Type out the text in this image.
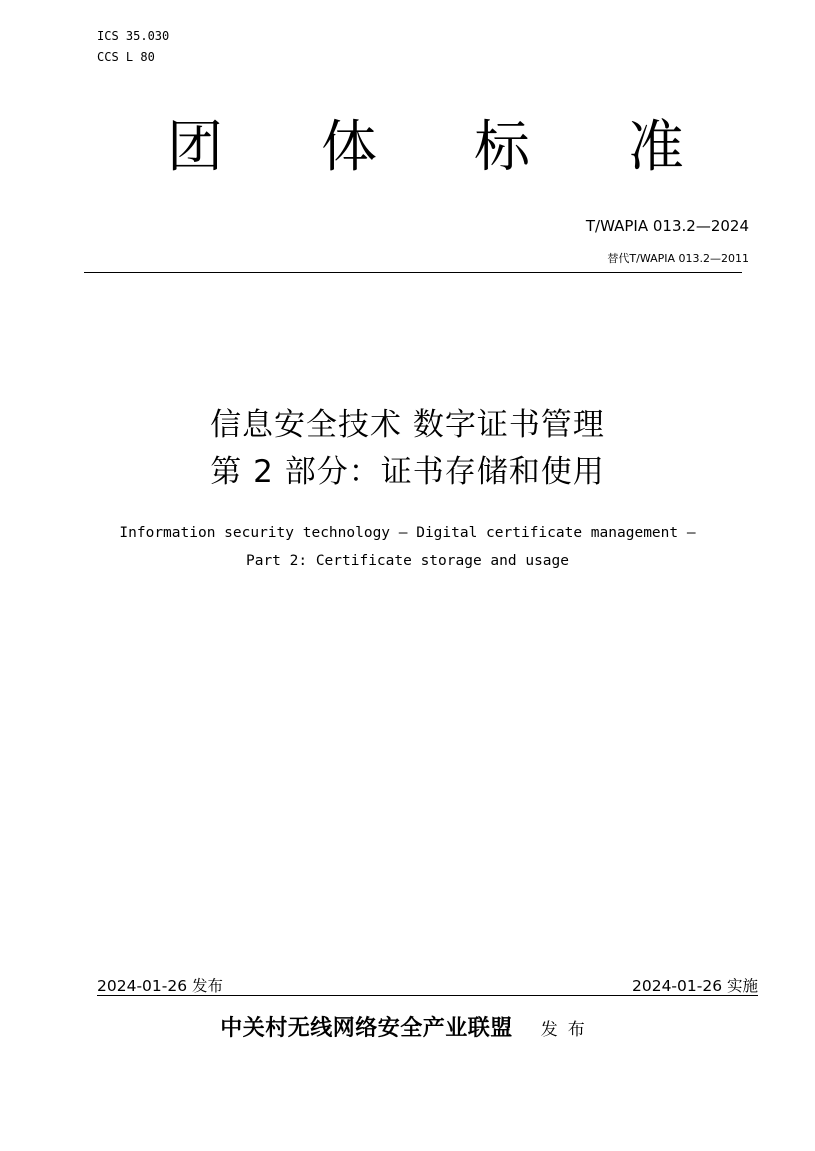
ICS 35.030
CCS L 80
团 体 标 准
T/WAPIA 013.2—2024
替代T/WAPIA 013.2—2011
信息安全技术 数字证书管理
第 2 部分：证书存储和使用
Information security technology — Digital certificate management —
Part 2: Certificate storage and usage
2024-01-26 发布	2024-01-26 实施
中关村无线网络安全产业联盟 发布
